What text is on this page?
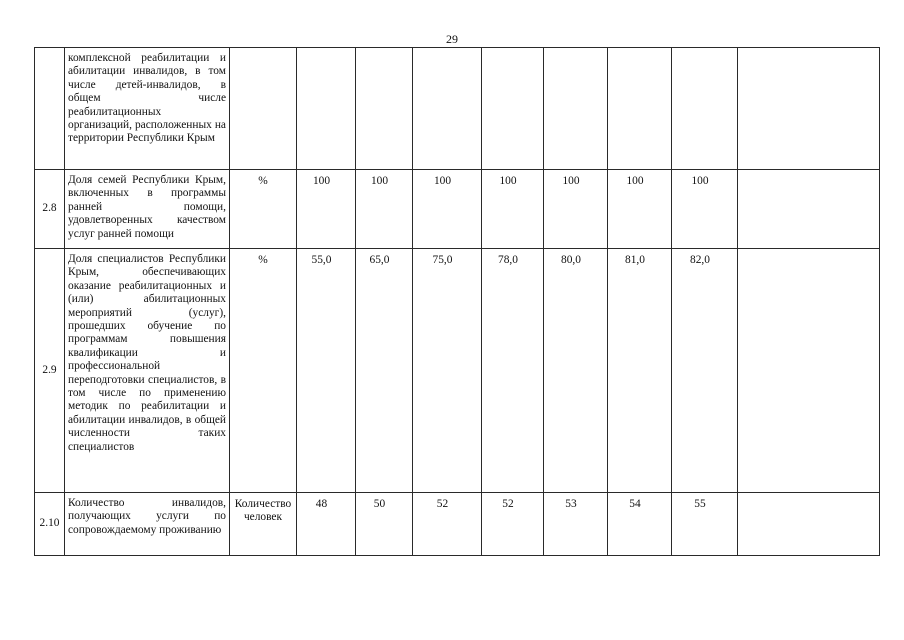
29
	комплексной реабилитации и абилитации инвалидов, в том числе детей-инвалидов, в общем числе реабилитационных организаций, расположенных на территории Республики Крым									
2.8	Доля семей Республики Крым, включенных в программы ранней помощи, удовлетворенных качеством услуг ранней помощи	%	100	100	100	100	100	100	100	
2.9	Доля специалистов Республики Крым, обеспечивающих оказание реабилитационных и (или) абилитационных мероприятий (услуг), прошедших обучение по программам повышения квалификации и профессиональной переподготовки специалистов, в том числе по применению методик по реабилитации и абилитации инвалидов, в общей численности таких специалистов	%	55,0	65,0	75,0	78,0	80,0	81,0	82,0	
2.10	Количество инвалидов, получающих услуги по сопровождаемому проживанию	Количество человек	48	50	52	52	53	54	55	
